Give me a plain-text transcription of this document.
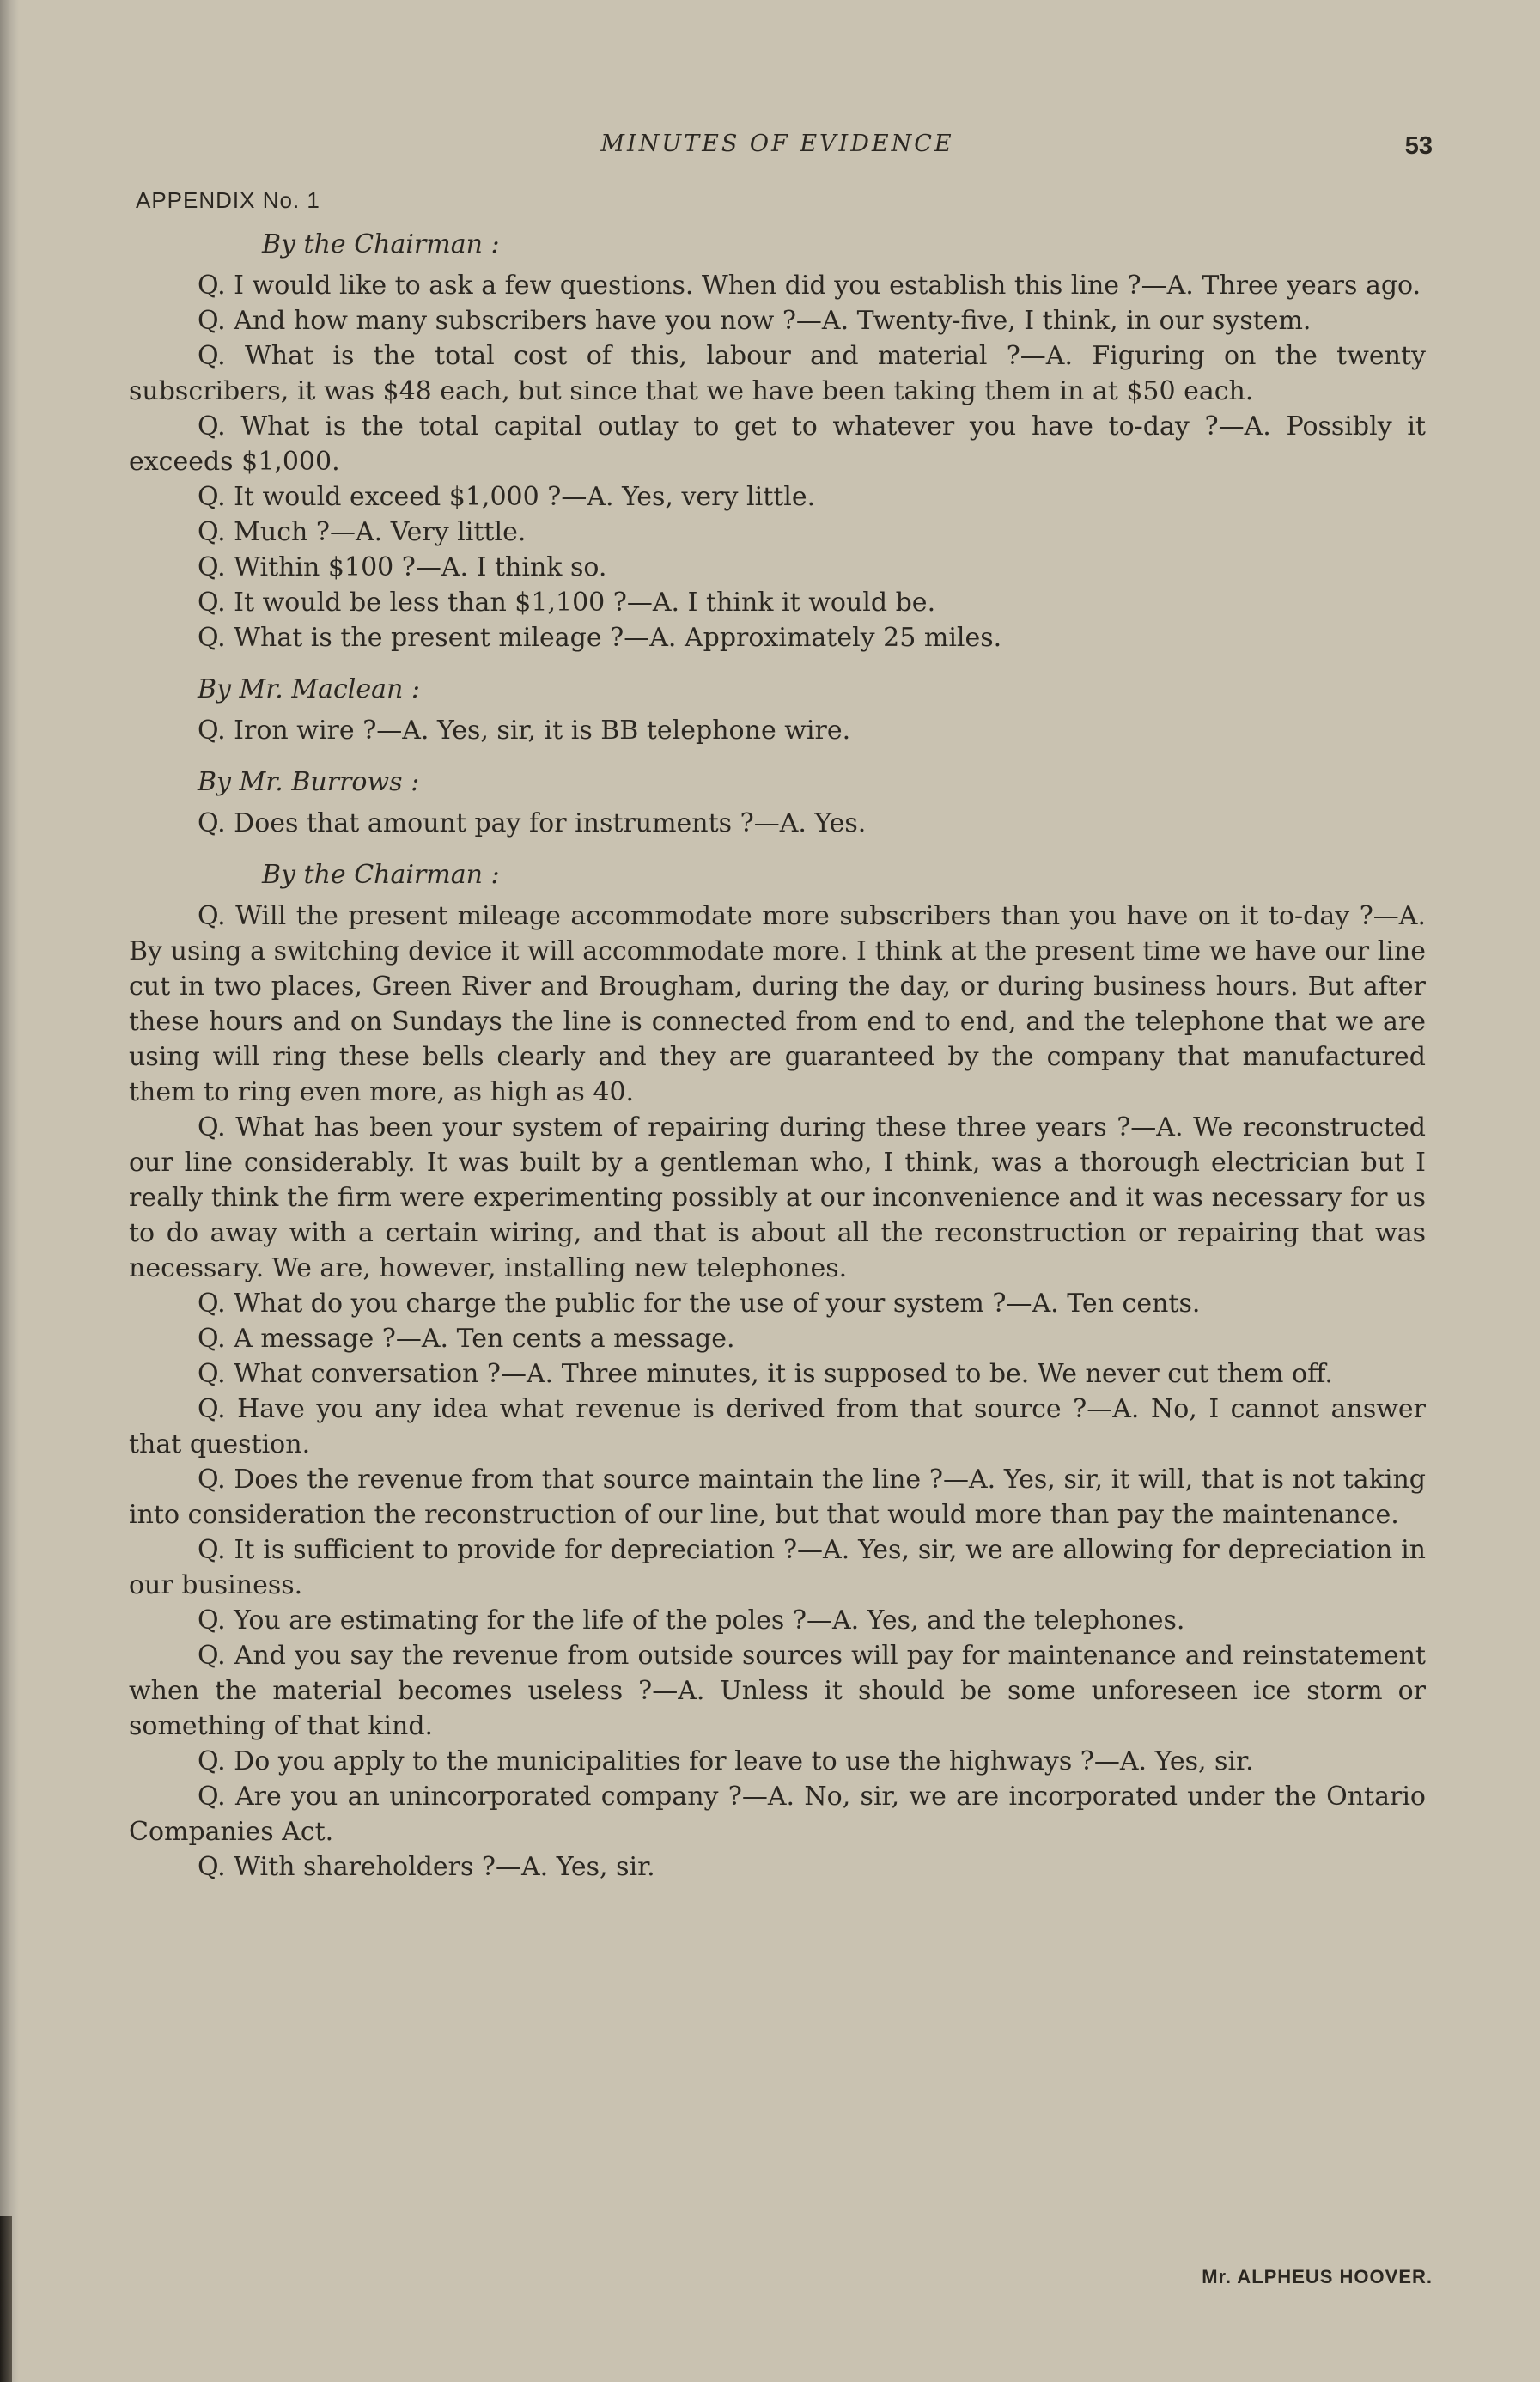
MINUTES OF EVIDENCE	53
APPENDIX No. 1
By the Chairman :

Q. I would like to ask a few questions. When did you establish this line ?—A. Three years ago.

Q. And how many subscribers have you now ?—A. Twenty-five, I think, in our system.

Q. What is the total cost of this, labour and material ?—A. Figuring on the twenty subscribers, it was $48 each, but since that we have been taking them in at $50 each.

Q. What is the total capital outlay to get to whatever you have to-day ?—A. Possibly it exceeds $1,000.

Q. It would exceed $1,000 ?—A. Yes, very little.

Q. Much ?—A. Very little.

Q. Within $100 ?—A. I think so.

Q. It would be less than $1,100 ?—A. I think it would be.

Q. What is the present mileage ?—A. Approximately 25 miles.

By Mr. Maclean :

Q. Iron wire ?—A. Yes, sir, it is BB telephone wire.

By Mr. Burrows :

Q. Does that amount pay for instruments ?—A. Yes.

By the Chairman :

Q. Will the present mileage accommodate more subscribers than you have on it to-day ?—A. By using a switching device it will accommodate more. I think at the present time we have our line cut in two places, Green River and Brougham, during the day, or during business hours. But after these hours and on Sundays the line is connected from end to end, and the telephone that we are using will ring these bells clearly and they are guaranteed by the company that manufactured them to ring even more, as high as 40.

Q. What has been your system of repairing during these three years ?—A. We reconstructed our line considerably. It was built by a gentleman who, I think, was a thorough electrician but I really think the firm were experimenting possibly at our inconvenience and it was necessary for us to do away with a certain wiring, and that is about all the reconstruction or repairing that was necessary. We are, however, installing new telephones.

Q. What do you charge the public for the use of your system ?—A. Ten cents.

Q. A message ?—A. Ten cents a message.

Q. What conversation ?—A. Three minutes, it is supposed to be. We never cut them off.

Q. Have you any idea what revenue is derived from that source ?—A. No, I cannot answer that question.

Q. Does the revenue from that source maintain the line ?—A. Yes, sir, it will, that is not taking into consideration the reconstruction of our line, but that would more than pay the maintenance.

Q. It is sufficient to provide for depreciation ?—A. Yes, sir, we are allowing for depreciation in our business.

Q. You are estimating for the life of the poles ?—A. Yes, and the telephones.

Q. And you say the revenue from outside sources will pay for maintenance and reinstatement when the material becomes useless ?—A. Unless it should be some unforeseen ice storm or something of that kind.

Q. Do you apply to the municipalities for leave to use the highways ?—A. Yes, sir.

Q. Are you an unincorporated company ?—A. No, sir, we are incorporated under the Ontario Companies Act.

Q. With shareholders ?—A. Yes, sir.

Mr. ALPHEUS HOOVER.
